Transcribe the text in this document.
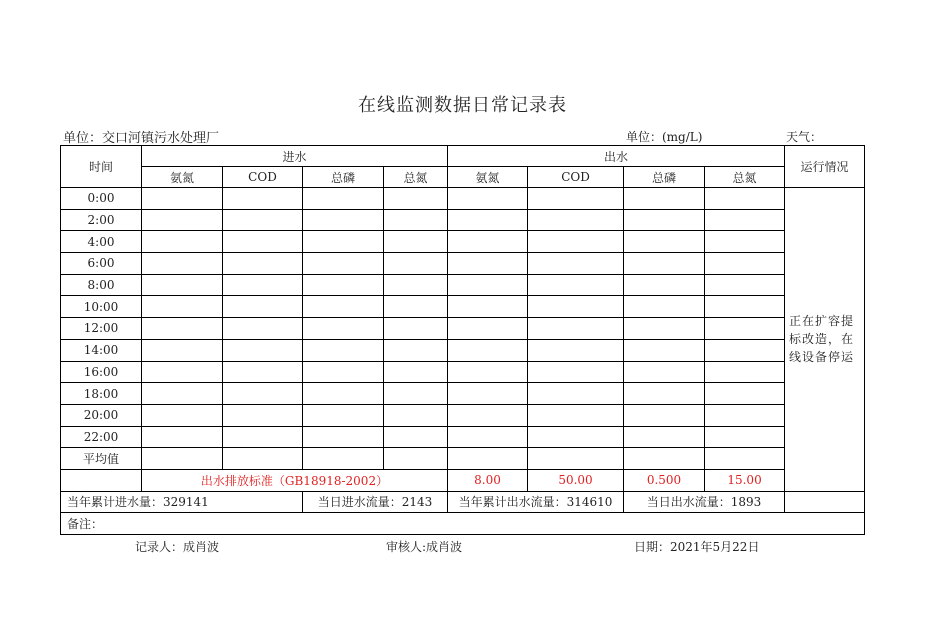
在线监测数据日常记录表
单位：交口河镇污水处理厂	单位：(mg/L)	天气：
时间	进水				出水				运行情况
	氨氮	COD	总磷	总氮	氨氮	COD	总磷	总氮	
0:00									正在扩容提标改造，在线设备停运
2:00									
4:00									
6:00									
8:00									
10:00									
12:00									
14:00									
16:00									
18:00									
20:00									
22:00									
平均值									
	出水排放标准（GB18918-2002）				8.00	50.00	0.500	15.00	
当年累计进水量：329141			当日进水流量：2143		当年累计出水流量：314610		当日出水流量：1893		
备注：									
记录人：成肖波	审核人:成肖波	日期：2021年5月22日
